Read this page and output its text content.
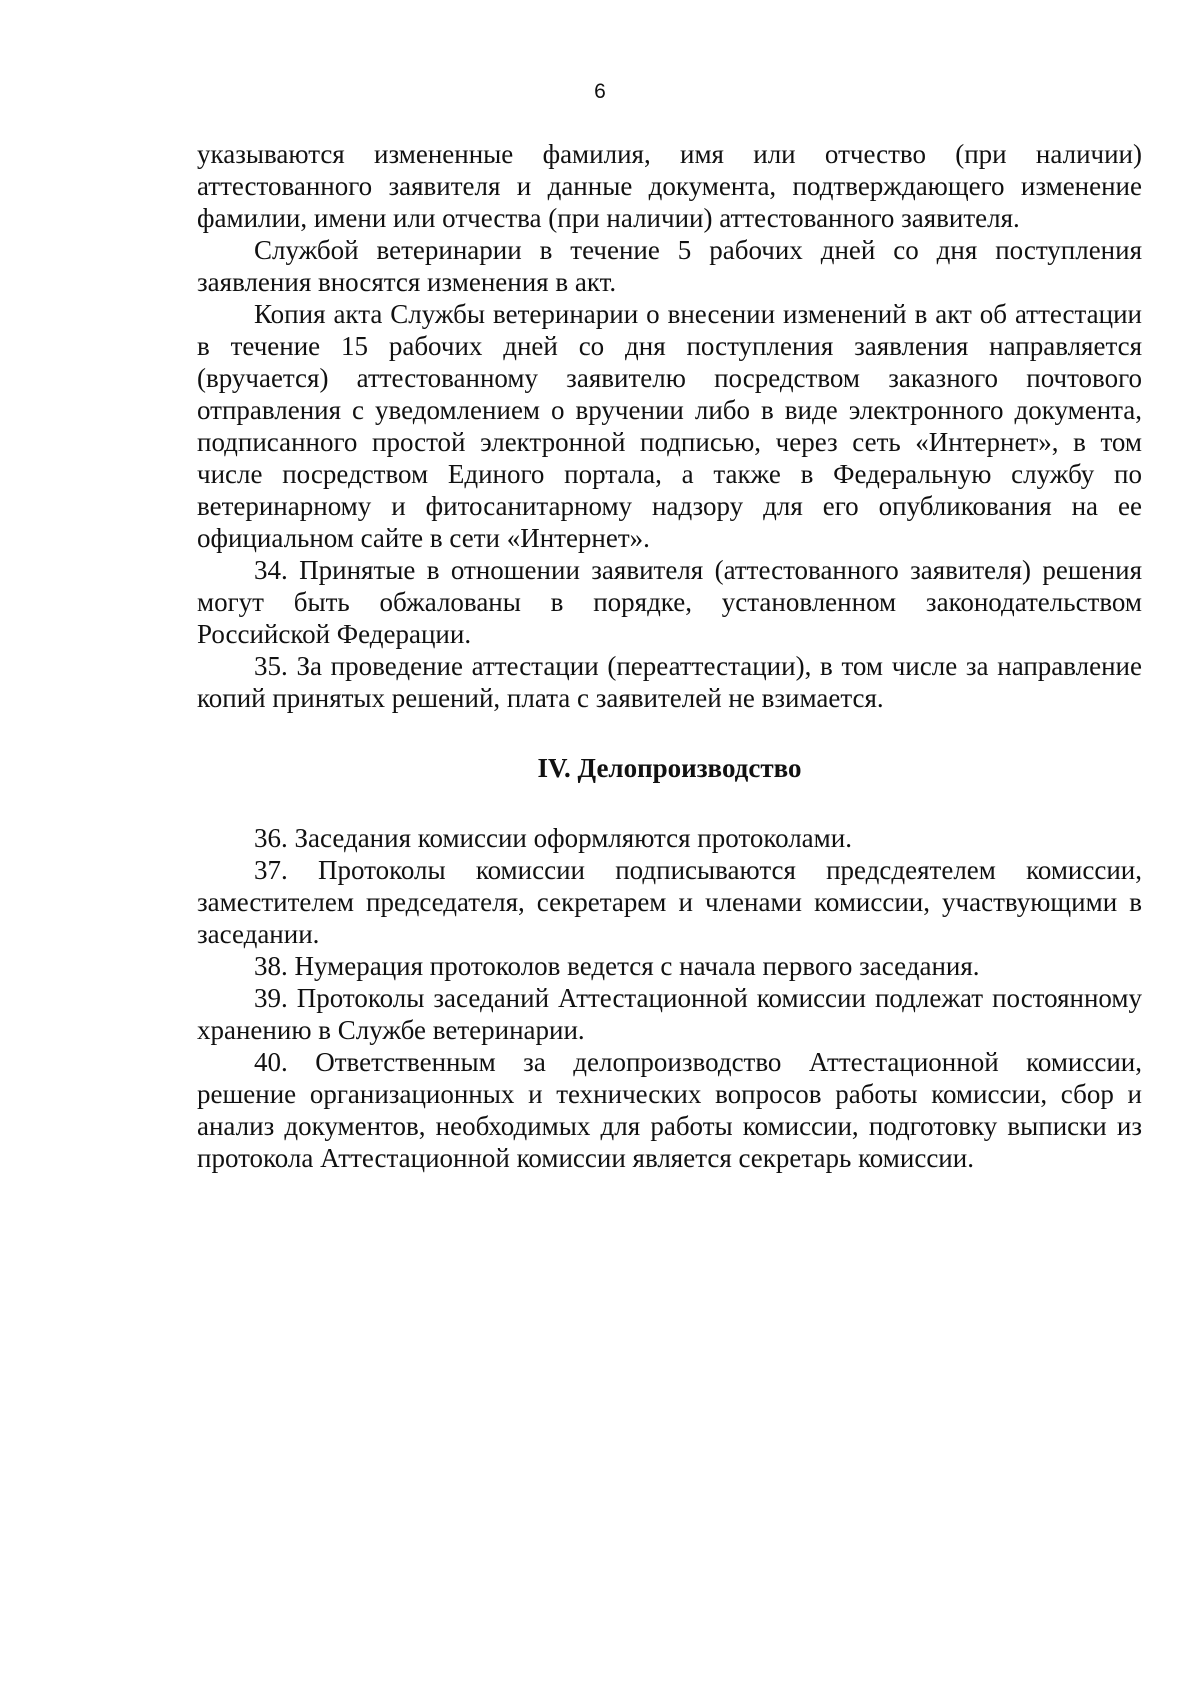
6

указываются измененные фамилия, имя или отчество (при наличии) аттестованного заявителя и данные документа, подтверждающего изменение фамилии, имени или отчества (при наличии) аттестованного заявителя.

Службой ветеринарии в течение 5 рабочих дней со дня поступления заявления вносятся изменения в акт.

Копия акта Службы ветеринарии о внесении изменений в акт об аттестации в течение 15 рабочих дней со дня поступления заявления направляется (вручается) аттестованному заявителю посредством заказного почтового отправления с уведомлением о вручении либо в виде электронного документа, подписанного простой электронной подписью, через сеть «Интернет», в том числе посредством Единого портала, а также в Федеральную службу по ветеринарному и фитосанитарному надзору для его опубликования на ее официальном сайте в сети «Интернет».

34. Принятые в отношении заявителя (аттестованного заявителя) решения могут быть обжалованы в порядке, установленном законодательством Российской Федерации.

35. За проведение аттестации (переаттестации), в том числе за направление копий принятых решений, плата с заявителей не взимается.

IV. Делопроизводство

36. Заседания комиссии оформляются протоколами.

37. Протоколы комиссии подписываются предсдеятелем комиссии, заместителем председателя, секретарем и членами комиссии, участвующими в заседании.

38. Нумерация протоколов ведется с начала первого заседания.

39. Протоколы заседаний Аттестационной комиссии подлежат постоянному хранению в Службе ветеринарии.

40. Ответственным за делопроизводство Аттестационной комиссии, решение организационных и технических вопросов работы комиссии, сбор и анализ документов, необходимых для работы комиссии, подготовку выписки из протокола Аттестационной комиссии является секретарь комиссии.
